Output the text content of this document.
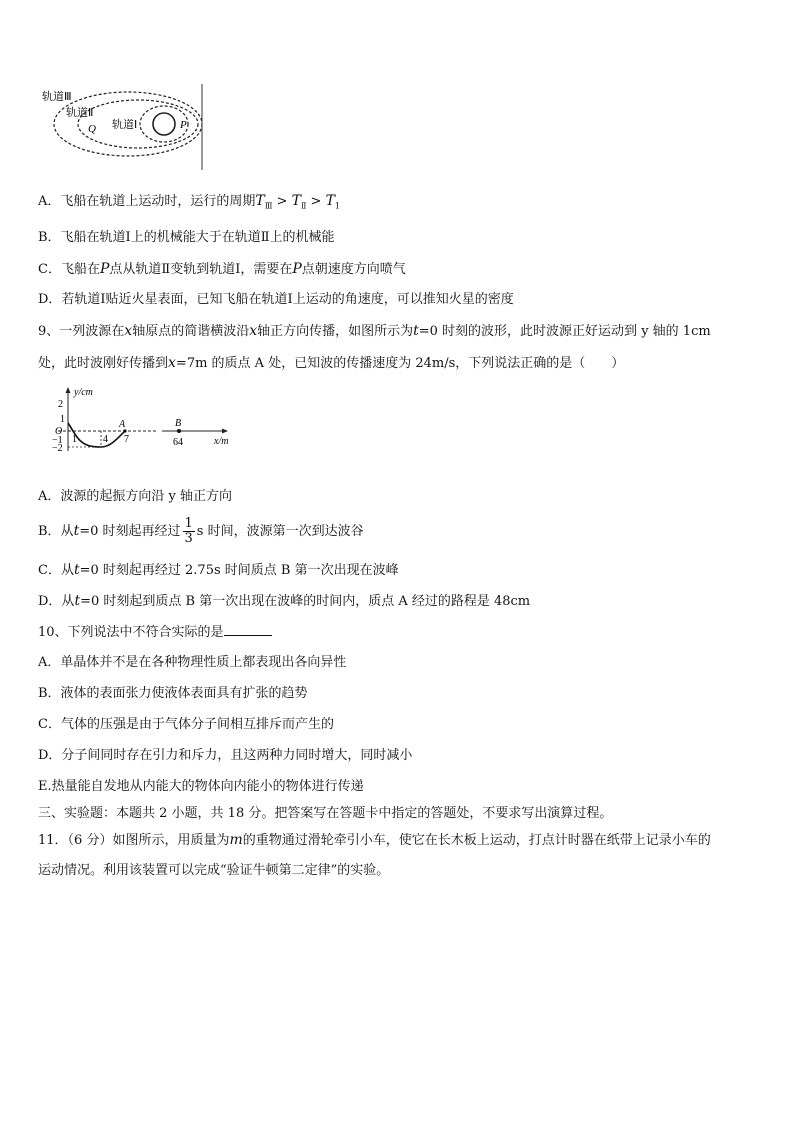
轨道Ⅲ
轨道Ⅱ
轨道Ⅰ
Q	P
A．飞船在轨道上运动时，运行的周期$T_Ⅲ > T_Ⅱ > T_1$
B．飞船在轨道Ⅰ上的机械能大于在轨道Ⅱ上的机械能
C．飞船在P点从轨道Ⅱ变轨到轨道Ⅰ，需要在P点朝速度方向喷气
D．若轨道Ⅰ贴近火星表面，已知飞船在轨道Ⅰ上运动的角速度，可以推知火星的密度
9、一列波源在x轴原点的简谐横波沿x轴正方向传播，如图所示为t=0 时刻的波形，此时波源正好运动到 y 轴的 1cm
处，此时波刚好传播到x=7m 的质点 A 处，已知波的传播速度为 24m/s，下列说法正确的是（　　）
y/cm
2
1
O
−1
−2
1	4 7	64
A	B
x/m
A．波源的起振方向沿 y 轴正方向
B．从t=0 时刻起再经过 $\frac{1}{3}$ s 时间，波源第一次到达波谷
C．从t=0 时刻起再经过 2.75s 时间质点 B 第一次出现在波峰
D．从t=0 时刻起到质点 B 第一次出现在波峰的时间内，质点 A 经过的路程是 48cm
10、下列说法中不符合实际的是
A．单晶体并不是在各种物理性质上都表现出各向异性
B．液体的表面张力使液体表面具有扩张的趋势
C．气体的压强是由于气体分子间相互排斥而产生的
D．分子间同时存在引力和斥力，且这两种力同时增大，同时减小
E.热量能自发地从内能大的物体向内能小的物体进行传递
三、实验题：本题共 2 小题，共 18 分。把答案写在答题卡中指定的答题处，不要求写出演算过程。
11．（6 分）如图所示，用质量为m的重物通过滑轮牵引小车，使它在长木板上运动，打点计时器在纸带上记录小车的
运动情况。利用该装置可以完成“验证牛顿第二定律”的实验。
